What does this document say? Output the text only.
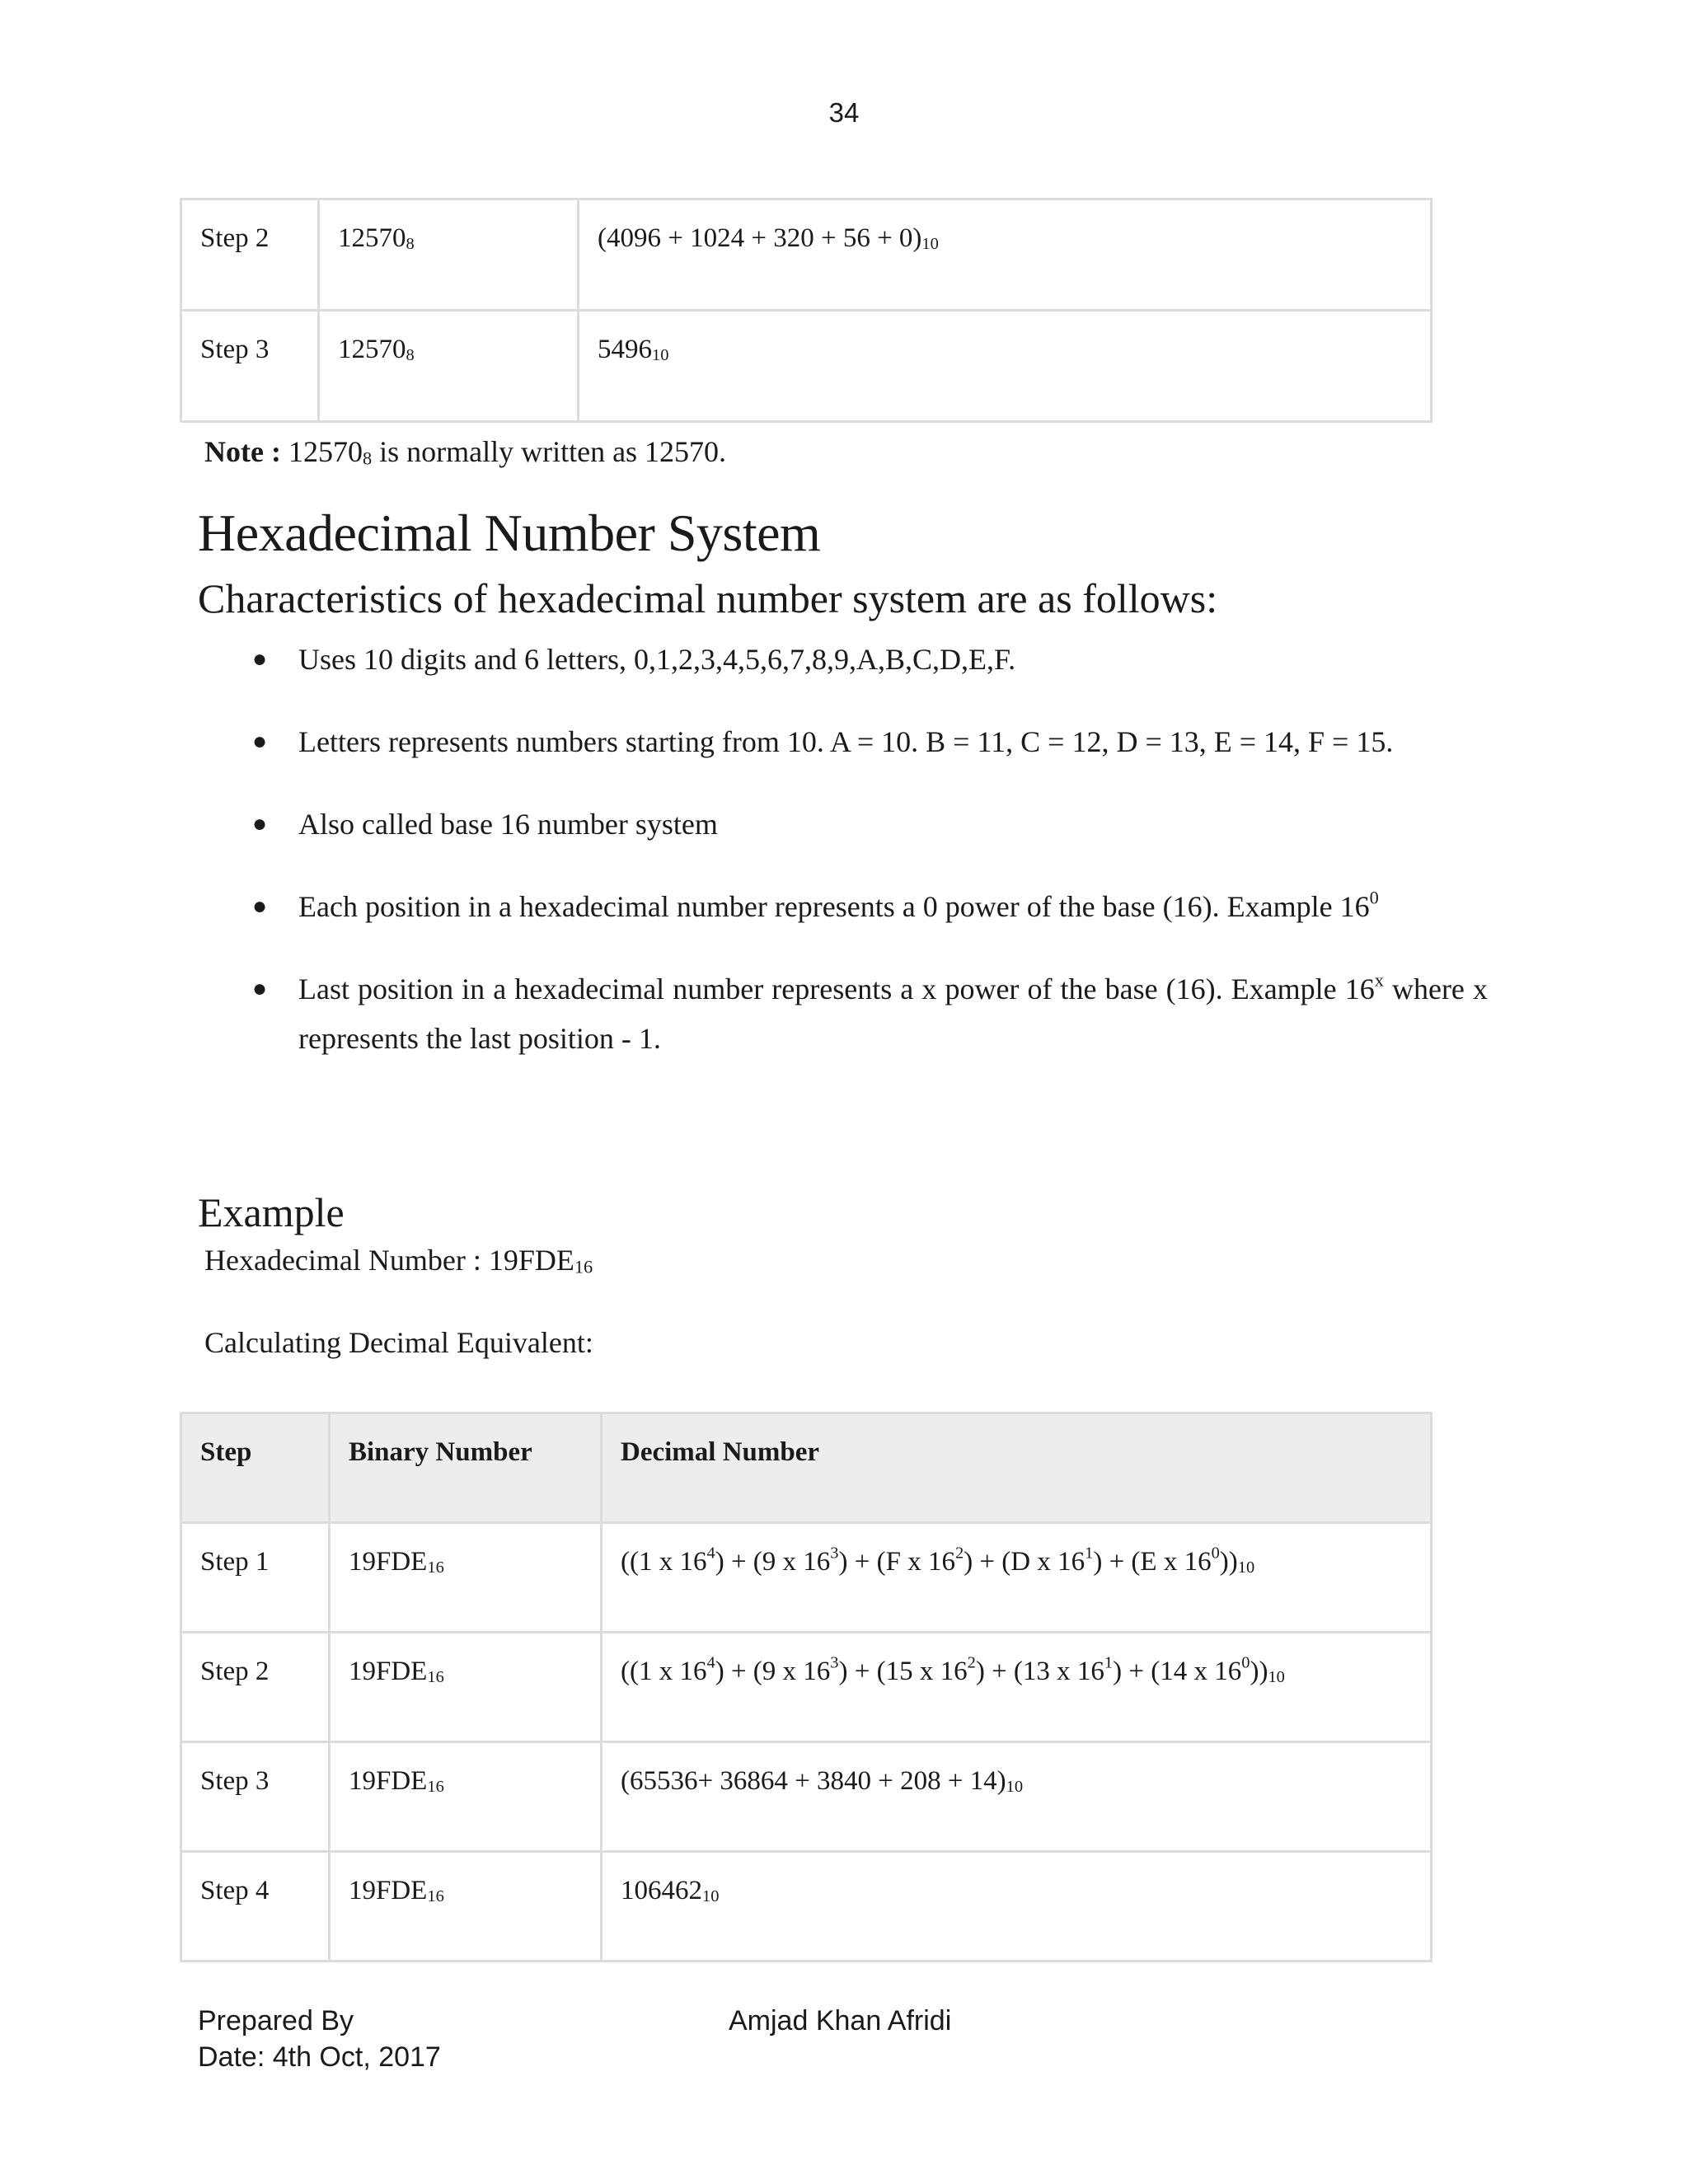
34
Step 2	$12570_8$	$(4096 + 1024 + 320 + 56 + 0)_{10}$
Step 3	$12570_8$	$5496_{10}$
Note : $12570_8$ is normally written as 12570.
Hexadecimal Number System
Characteristics of hexadecimal number system are as follows:
● Uses 10 digits and 6 letters, 0,1,2,3,4,5,6,7,8,9,A,B,C,D,E,F.
● Letters represents numbers starting from 10. A = 10. B = 11, C = 12, D = 13, E = 14, F = 15.
● Also called base 16 number system
● Each position in a hexadecimal number represents a 0 power of the base (16). Example $16^0$
● Last position in a hexadecimal number represents a x power of the base (16). Example 16$^x$ where x represents the last position - 1.
Example
Hexadecimal Number : $19FDE_{16}$
Calculating Decimal Equivalent:
Step	Binary Number	Decimal Number
Step 1	$19FDE_{16}$	((1 x $16^4) + (9$ x $16^3) + (F$ x $16^2) + (D$ x $16^1) + (E$ x $16^0))_{10}$
Step 2	$19FDE_{16}$	((1 x $16^4) + (9$ x $16^3) + (15$ x $16^2) + (13$ x $16^1) + (14$ x $16^0))_{10}$
Step 3	$19FDE_{16}$	$(65536+ 36864 + 3840 + 208 + 14)_{10}$
Step 4	$19FDE_{16}$	$106462_{10}$
Prepared By
Date: 4th Oct, 2017
Amjad Khan Afridi
